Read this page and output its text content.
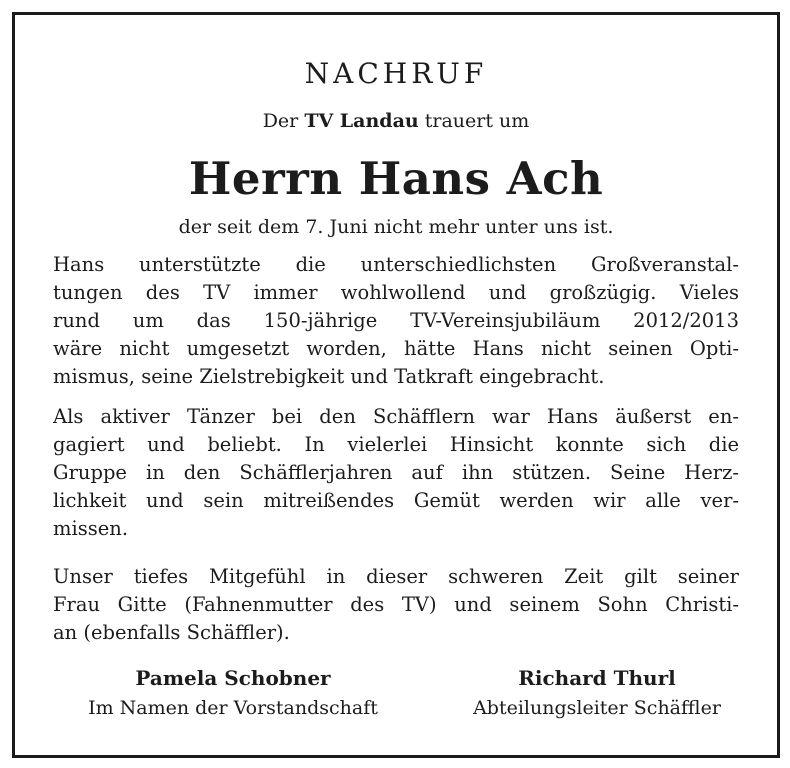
NACHRUF
Der TV Landau trauert um
Herrn Hans Ach
der seit dem 7. Juni nicht mehr unter uns ist.
Hans unterstützte die unterschiedlichsten Großveranstal-
tungen des TV immer wohlwollend und großzügig. Vieles
rund um das 150-jährige TV-Vereinsjubiläum 2012/2013
wäre nicht umgesetzt worden, hätte Hans nicht seinen Opti-
mismus, seine Zielstrebigkeit und Tatkraft eingebracht.
Als aktiver Tänzer bei den Schäfflern war Hans äußerst en-
gagiert und beliebt. In vielerlei Hinsicht konnte sich die
Gruppe in den Schäfflerjahren auf ihn stützen. Seine Herz-
lichkeit und sein mitreißendes Gemüt werden wir alle ver-
missen.
Unser tiefes Mitgefühl in dieser schweren Zeit gilt seiner
Frau Gitte (Fahnenmutter des TV) und seinem Sohn Christi-
an (ebenfalls Schäffler).
Pamela Schobner
Im Namen der Vorstandschaft
Richard Thurl
Abteilungsleiter Schäffler
